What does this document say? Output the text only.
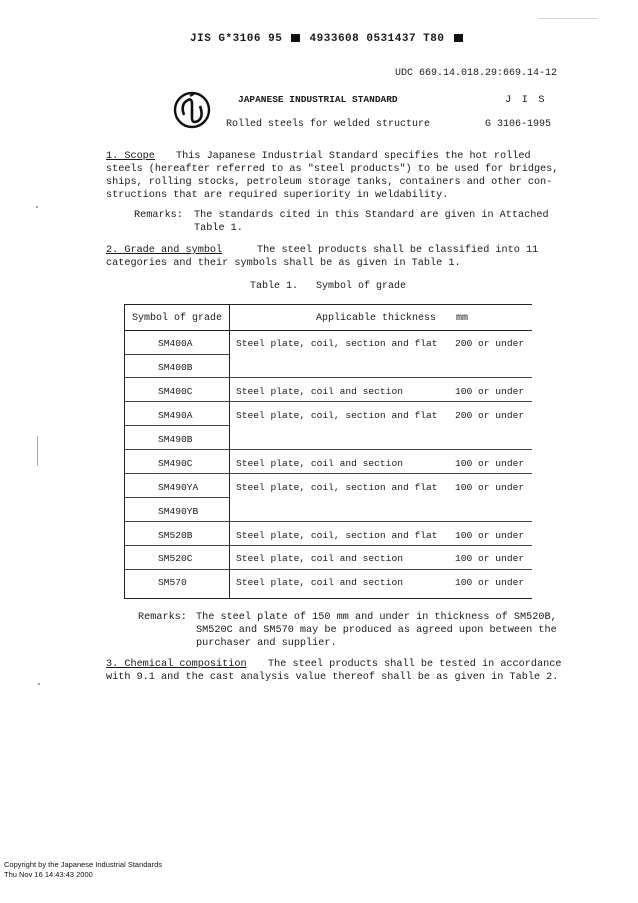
JIS G*3106 95 4933608 0531437 T80
UDC 669.14.018.29:669.14-12
JAPANESE INDUSTRIAL STANDARD	J I S
Rolled steels for welded structure	G 3106-1995
1. Scope This Japanese Industrial Standard specifies the hot rolled
steels (hereafter referred to as "steel products") to be used for bridges,
ships, rolling stocks, petroleum storage tanks, containers and other con-
structions that are required superiority in weldability.
Remarks: The standards cited in this Standard are given in Attached
Table 1.
2. Grade and symbol	The steel products shall be classified into 11
categories and their symbols shall be as given in Table 1.
Table 1.   Symbol of grade
Symbol of grade	Applicable thickness mm
SM400A	Steel plate, coil, section and flat 200 or under
SM400B
SM400C	Steel plate, coil and section	100 or under
SM490A	Steel plate, coil, section and flat 200 or under
SM490B
SM490C	Steel plate, coil and section	100 or under
SM490YA	Steel plate, coil, section and flat 100 or under
SM490YB
SM520B	Steel plate, coil, section and flat 100 or under
SM520C	Steel plate, coil and section	100 or under
SM570	Steel plate, coil and section	100 or under
Remarks: The steel plate of 150 mm and under in thickness of SM520B,
SM520C and SM570 may be produced as agreed upon between the
purchaser and supplier.
3. Chemical composition The steel products shall be tested in accordance
with 9.1 and the cast analysis value thereof shall be as given in Table 2.
Copyright by the Japanese Industrial Standards
Thu Nov 16 14:43:43 2000
